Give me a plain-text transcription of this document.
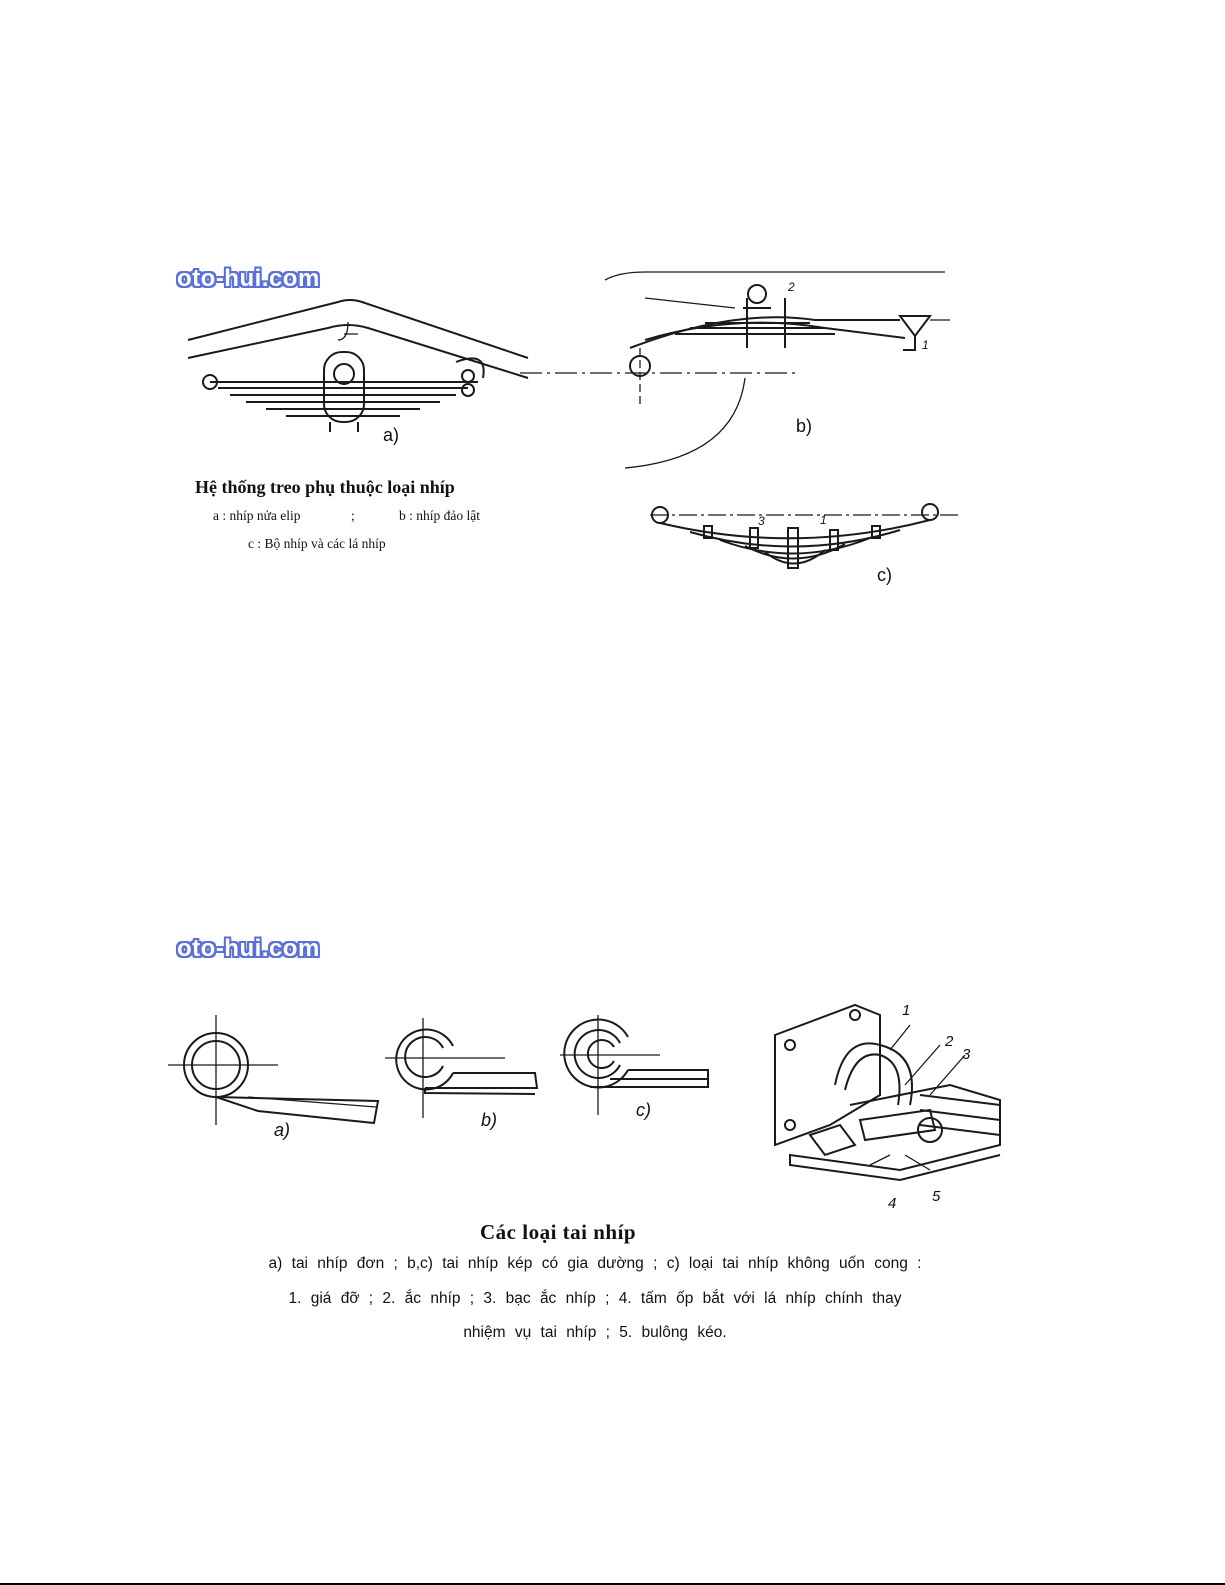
oto-hui.com
a)
2
1
b)
3	1
c)
Hệ thống treo phụ thuộc loại nhíp
a : nhíp nửa elip	;	b : nhíp đảo lật
c : Bộ nhíp và các lá nhíp
oto-hui.com
a)	b)	c)
1
2
3
4 5
Các loại tai nhíp
a) tai nhíp đơn ; b,c) tai nhíp kép có gia dường ; c) loại tai nhíp không uốn cong :
1. giá đỡ ; 2. ắc nhíp ; 3. bạc ắc nhíp ; 4. tấm ốp bắt với lá nhíp chính thay
nhiệm vụ tai nhíp ; 5. bulông kéo.
